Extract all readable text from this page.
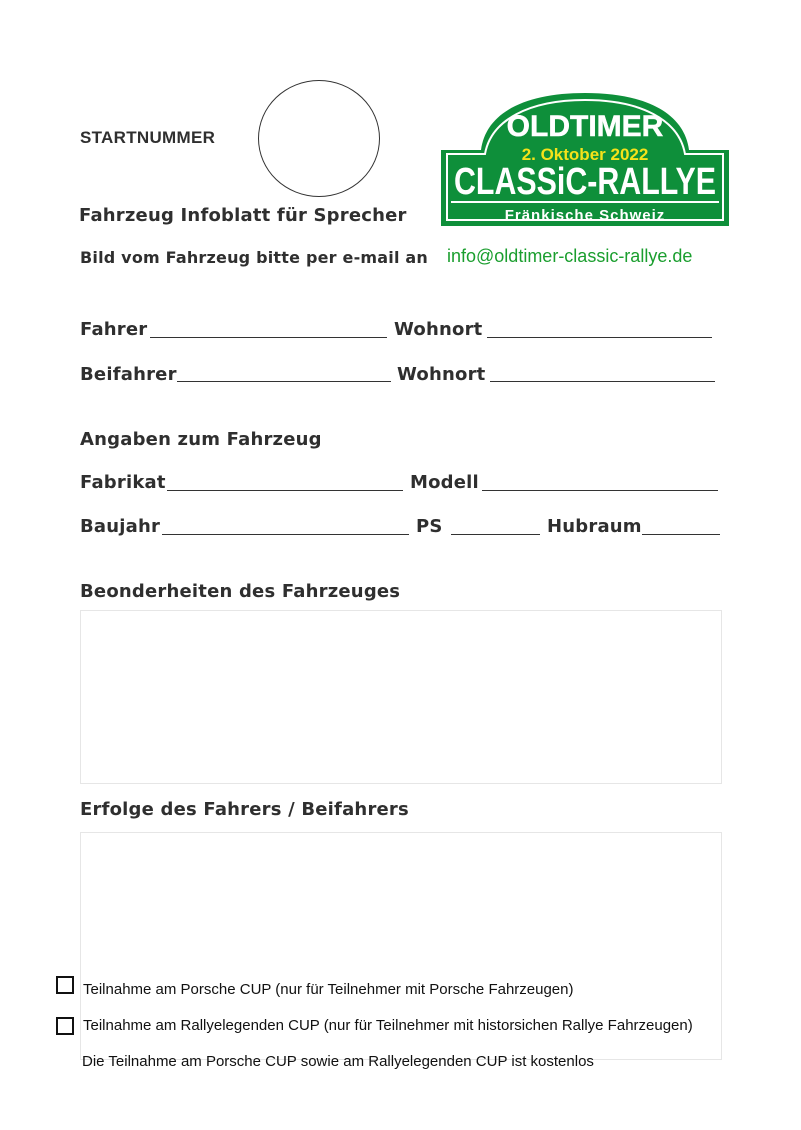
STARTNUMMER	OLDTIMER
2. Oktober 2022
CLASSiC-RALLYE
Fränkische Schweiz
Fahrzeug Infoblatt für Sprecher
Bild vom Fahrzeug bitte per e-mail an info@oldtimer-classic-rallye.de
Fahrer	Wohnort
Beifahrer	Wohnort
Angaben zum Fahrzeug
Fabrikat	Modell
Baujahr	PS	Hubraum
Beonderheiten des Fahrzeuges
Erfolge des Fahrers / Beifahrers
Teilnahme am Porsche CUP (nur für Teilnehmer mit Porsche Fahrzeugen)
Teilnahme am Rallyelegenden CUP (nur für Teilnehmer mit historsichen Rallye Fahrzeugen)
Die Teilnahme am Porsche CUP sowie am Rallyelegenden CUP ist kostenlos
